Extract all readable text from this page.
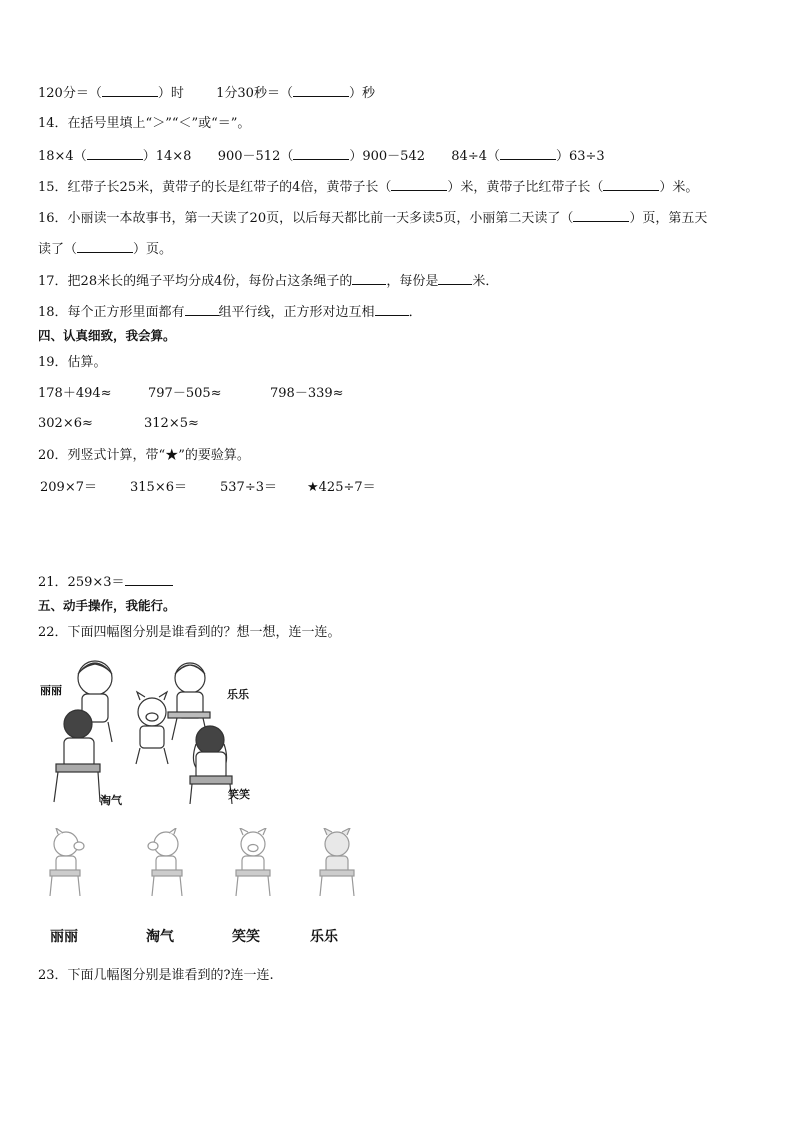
120分＝（	）时 1分30秒＝（	）秒
14．在括号里填上“＞”“＜”或“＝”。
18×4（	）14×8 900－512（	）900－542 84÷4（	）63÷3
15．红带子长25米，黄带子的长是红带子的4倍，黄带子长（	）米，黄带子比红带子长（	）米。
16．小丽读一本故事书，第一天读了20页，以后每天都比前一天多读5页，小丽第二天读了（	）页，第五天
读了（	）页。
17．把28米长的绳子平均分成4份，每份占这条绳子的	，每份是	米．
18．每个正方形里面都有	组平行线，正方形对边互相	．
四、认真细致，我会算。
19．估算。
178＋494≈	797－505≈	798－339≈
302×6≈	312×5≈
20．列竖式计算，带“★”的要验算。
209×7＝	315×6＝	537÷3＝ ★425÷7＝
21．259×3＝
五、动手操作，我能行。
22．下面四幅图分别是谁看到的？想一想，连一连。
丽丽	乐乐
淘气	笑笑
丽丽	淘气	笑笑	乐乐
23．下面几幅图分别是谁看到的?连一连.
